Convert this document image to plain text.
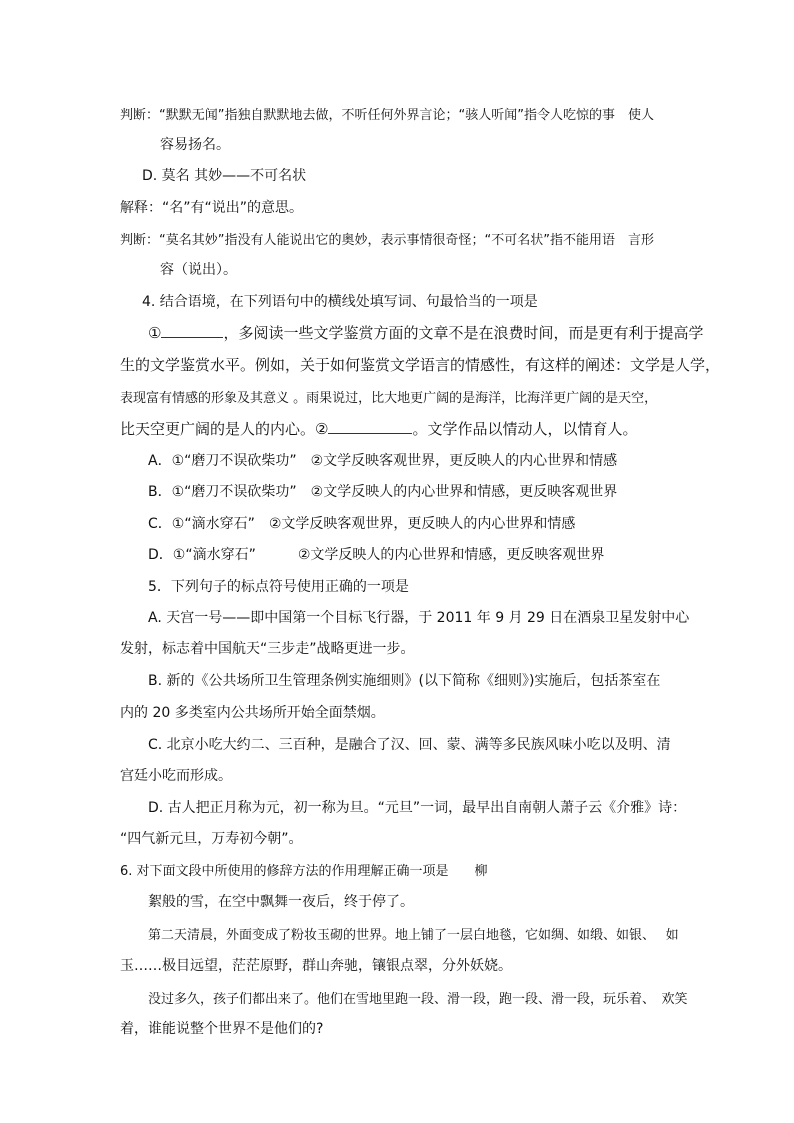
判断：“默默无闻”指独自默默地去做，不听任何外界言论；“骇人听闻”指令人吃惊的事　使人
容易扬名。
D. 莫名 其妙——不可名状
解释：“名”有“说出”的意思。
判断：“莫名其妙”指没有人能说出它的奥妙，表示事情很奇怪；“不可名状”指不能用语　言形
容（说出）。
4. 结合语境，在下列语句中的横线处填写词、句最恰当的一项是
①	，多阅读一些文学鉴赏方面的文章不是在浪费时间，而是更有利于提高学
生的文学鉴赏水平。例如，关于如何鉴赏文学语言的情感性，有这样的阐述：文学是人学，
表现富有情感的形象及其意义 。雨果说过，比大地更广阔的是海洋，比海洋更广阔的是天空，
比天空更广阔的是人的内心。②	。文学作品以情动人，以情育人。
A．①“磨刀不误砍柴功”　②文学反映客观世界，更反映人的内心世界和情感
B．①“磨刀不误砍柴功”　②文学反映人的内心世界和情感，更反映客观世界
C．①“滴水穿石”　②文学反映客观世界，更反映人的内心世界和情感
D．①“滴水穿石”　　　②文学反映人的内心世界和情感，更反映客观世界
5．下列句子的标点符号使用正确的一项是
A. 天宫一号——即中国第一个目标飞行器，于 2011 年 9 月 29 日在酒泉卫星发射中心
发射，标志着中国航天“三步走”战略更进一步。
B. 新的《公共场所卫生管理条例实施细则》(以下简称《细则》)实施后，包括茶室在
内的 20 多类室内公共场所开始全面禁烟。
C. 北京小吃大约二、三百种，是融合了汉、回、蒙、满等多民族风味小吃以及明、清
宫廷小吃而形成。
D. 古人把正月称为元，初一称为旦。“元旦”一词，最早出自南朝人萧子云《介雅》诗：
“四气新元旦，万寿初今朝”。
6. 对下面文段中所使用的修辞方法的作用理解正确一项是　　柳
絮般的雪，在空中飘舞一夜后，终于停了。
第二天清晨，外面变成了粉妆玉砌的世界。地上铺了一层白地毯，它如绸、如缎、如银、　 如
玉……极目远望，茫茫原野，群山奔驰，镶银点翠，分外妖娆。
没过多久，孩子们都出来了。他们在雪地里跑一段、滑一段，跑一段、滑一段，玩乐着、　欢笑
着，谁能说整个世界不是他们的?
